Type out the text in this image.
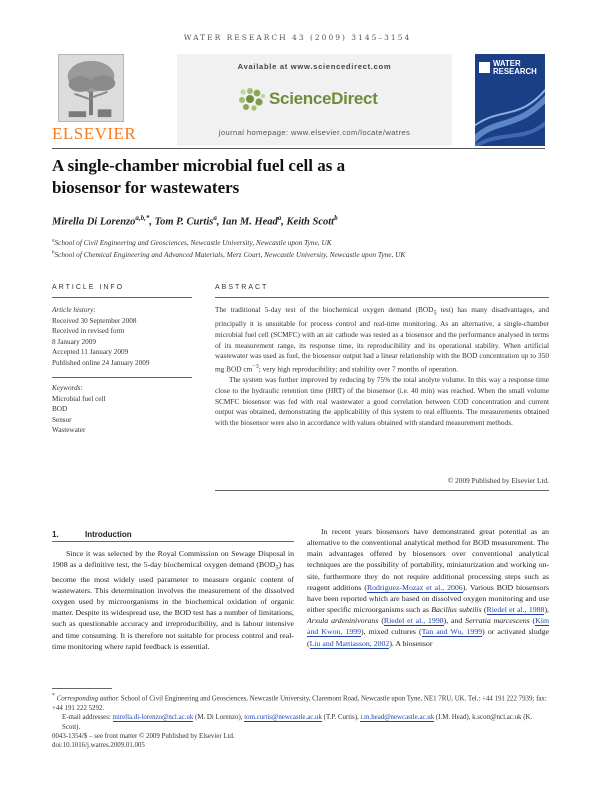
WATER RESEARCH 43 (2009) 3145–3154
ELSEVIER
Available at www.sciencedirect.com
ScienceDirect
journal homepage: www.elsevier.com/locate/watres
WATER
RESEARCH
A single-chamber microbial fuel cell as a
biosensor for wastewaters
Mirella Di Lorenzo$^{a,b,*}$, Tom P. Curtis$^a$, Ian M. Head$^a$, Keith Scott$^b$
$^a$School of Civil Engineering and Geosciences, Newcastle University, Newcastle upon Tyne, UK
$^b$School of Chemical Engineering and Advanced Materials, Merz Court, Newcastle University, Newcastle upon Tyne, UK
ARTICLE INFO
Article history:
Received 30 September 2008
Received in revised form
8 January 2009
Accepted 11 January 2009
Published online 24 January 2009
Keywords:
Microbial fuel cell
BOD
Sensor
Wastewater
ABSTRACT

The traditional 5-day test of the biochemical oxygen demand ($BOD_5$ test) has many disadvantages, and principally it is unsuitable for process control and real-time monitoring. As an alternative, a single-chamber microbial fuel cell (SCMFC) with an air cathode was tested as a biosensor and the performance analysed in terms of its measurement range, its response time, its reproducibility and its operational stability. When artificial wastewater was used as fuel, the biosensor output had a linear relationship with the BOD concentration up to 350 mg BOD $cm^{-3}$; very high reproducibility; and stability over 7 months of operation.

The system was further improved by reducing by 75% the total anolyte volume. In this way a response time close to the hydraulic retention time (HRT) of the biosensor (i.e. 40 min) was reached. When the small volume SCMFC biosensor was fed with real wastewater a good correlation between COD concentration and current output was obtained, demonstrating the applicability of this system to real effluents. The measurements obtained with the biosensor were also in accordance with values obtained with standard measurement methods.

© 2009 Published by Elsevier Ltd.
1.	Introduction

Since it was selected by the Royal Commission on Sewage Disposal in 1908 as a definitive test, the 5-day biochemical oxygen demand $(BOD_5)$ has become the most widely used parameter to measure organic content of wastewaters. This determination involves the measurement of the dissolved oxygen used by microorganisms in the biochemical oxidation of organic matter. Despite its widespread use, the BOD test has a number of limitations, such as questionable accuracy and irreproducibility, and is labour intensive and time consuming. It is therefore not suitable for process control and real-time monitoring where rapid feedback is essential.

In recent years biosensors have demonstrated great potential as an alternative to the conventional analytical method for BOD measurement. The main advantages offered by biosensors over conventional analytical techniques are the possibility of portability, miniaturization and working on-site, furthermore they do not require additional processing steps such as reagent additions (Rodriguez-Mozaz et al., 2006). Various BOD biosensors have been reported which are based on dissolved oxygen monitoring and use either specific microorganisms such as Bacillus subtilis (Riedel et al., 1988), Arxula ardeninivorans (Riedel et al., 1998), and Serratia marcescens (Kim and Kwon, 1999), mixed cultures (Tan and Wu, 1999) or activated sludge (Liu and Mattiasson, 2002). A biosensor

* Corresponding author. School of Civil Engineering and Geosciences, Newcastle University, Claremont Road, Newcastle upon Tyne, NE1 7RU, UK. Tel.: +44 191 222 7939; fax: +44 191 222 5292.
E-mail addresses: mirella.di-lorenzo@ncl.ac.uk (M. Di Lorenzo), tom.curtis@newcastle.ac.uk (T.P. Curtis), i.m.head@newcastle.ac.uk (I.M. Head), k.scott@ncl.ac.uk (K. Scott).
0043-1354/$ – see front matter © 2009 Published by Elsevier Ltd.
doi:10.1016/j.watres.2009.01.005
